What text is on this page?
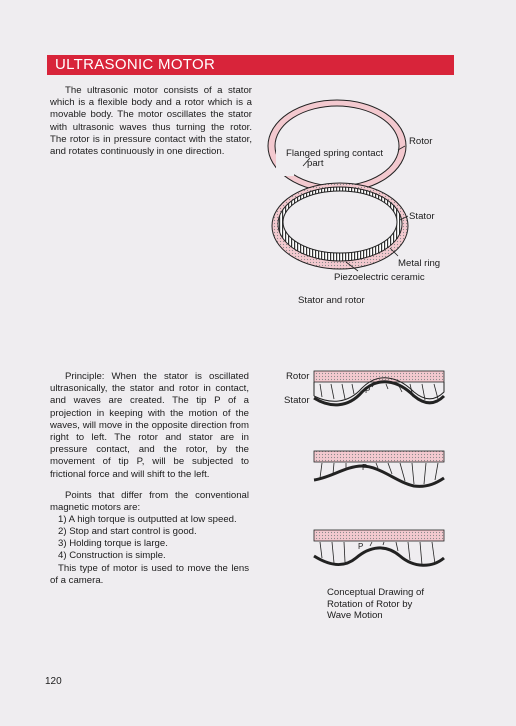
ULTRASONIC MOTOR

The ultrasonic motor consists of a stator which is a flexible body and a rotor which is a movable body. The motor oscillates the stator with ultrasonic waves thus turning the rotor. The rotor is in pressure contact with the stator, and rotates continuously in one direction.

Rotor
Flanged spring contact
part
Stator
Metal ring
Piezoelectric ceramic
Stator and rotor

Principle: When the stator is oscillated ultrasonically, the stator and rotor in contact, and waves are created. The tip P of a projection in keeping with the motion of the waves, will move in the opposite direction from right to left. The rotor and stator are in pressure contact, and the rotor, by the movement of tip P, will be subjected to frictional force and will shift to the left.

Points that differ from the conventional magnetic motors are:

1) A high torque is outputted at low speed.
2) Stop and start control is good.
3) Holding torque is large.
4) Construction is simple.

This type of motor is used to move the lens of a camera.

Rotor
Stator
P
P
P
Conceptual Drawing of
Rotation of Rotor by
Wave Motion
120
